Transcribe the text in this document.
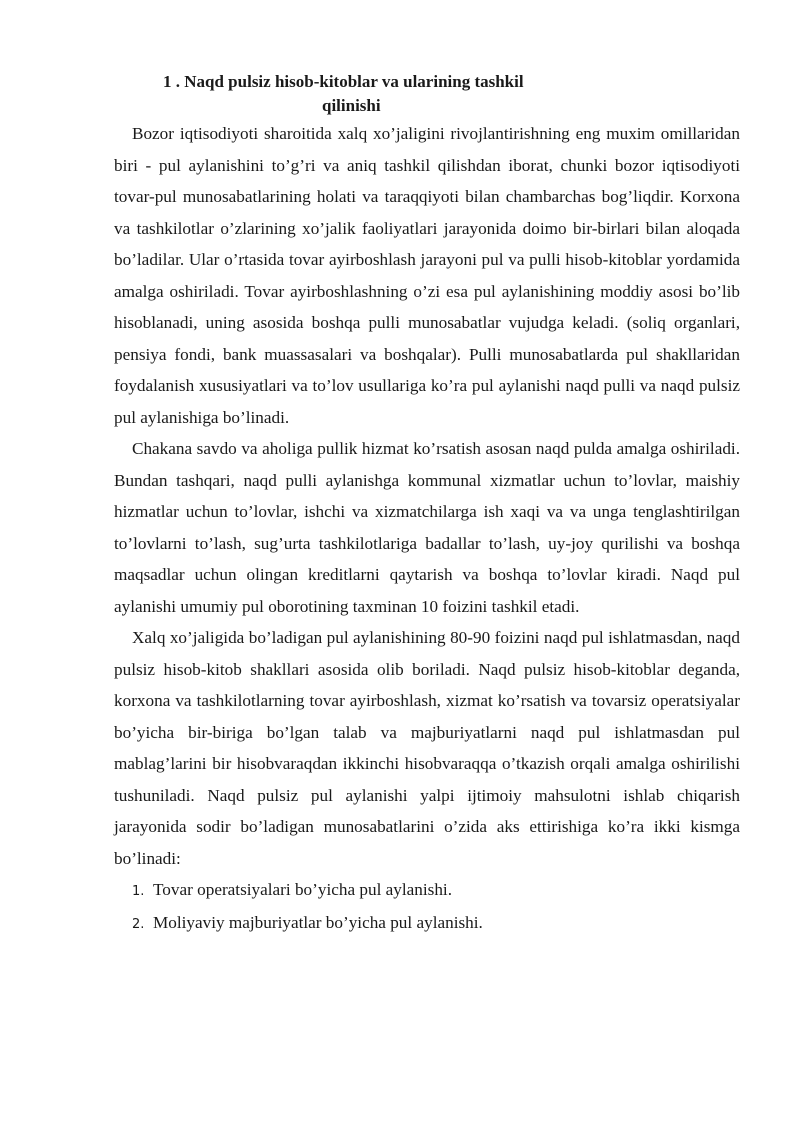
1 . Naqd pulsiz hisob-kitoblar va ularining tashkil
qilinishi

Bozor iqtisodiyoti sharoitida xalq xo’jaligini rivojlantirishning eng muxim omillaridan biri - pul aylanishini to’g’ri va aniq tashkil qilishdan iborat, chunki bozor iqtisodiyoti tovar-pul munosabatlarining holati va taraqqiyoti bilan chambarchas bog’liqdir. Korxona va tashkilotlar o’zlarining xo’jalik faoliyatlari jarayonida doimo bir-birlari bilan aloqada bo’ladilar. Ular o’rtasida tovar ayirboshlash jarayoni pul va pulli hisob-kitoblar yordamida amalga oshiriladi. Tovar ayirboshlashning o’zi esa pul aylanishining moddiy asosi bo’lib hisoblanadi, uning asosida boshqa pulli munosabatlar vujudga keladi. (soliq organlari, pensiya fondi, bank muassasalari va boshqalar). Pulli munosabatlarda pul shakllaridan foydalanish xususiyatlari va to’lov usullariga ko’ra pul aylanishi naqd pulli va naqd pulsiz pul aylanishiga bo’linadi.

Chakana savdo va aholiga pullik hizmat ko’rsatish asosan naqd pulda amalga oshiriladi. Bundan tashqari, naqd pulli aylanishga kommunal xizmatlar uchun to’lovlar, maishiy hizmatlar uchun to’lovlar, ishchi va xizmatchilarga ish xaqi va va unga tenglashtirilgan to’lovlarni to’lash, sug’urta tashkilotlariga badallar to’lash, uy-joy qurilishi va boshqa maqsadlar uchun olingan kreditlarni qaytarish va boshqa to’lovlar kiradi. Naqd pul aylanishi umumiy pul oborotining taxminan 10 foizini tashkil etadi.

Xalq xo’jaligida bo’ladigan pul aylanishining 80-90 foizini naqd pul ishlatmasdan, naqd pulsiz hisob-kitob shakllari asosida olib boriladi. Naqd pulsiz hisob-kitoblar deganda, korxona va tashkilotlarning tovar ayirboshlash, xizmat ko’rsatish va tovarsiz operatsiyalar bo’yicha bir-biriga bo’lgan talab va majburiyatlarni naqd pul ishlatmasdan pul mablag’larini bir hisobvaraqdan ikkinchi hisobvaraqqa o’tkazish orqali amalga oshirilishi tushuniladi. Naqd pulsiz pul aylanishi yalpi ijtimoiy mahsulotni ishlab chiqarish jarayonida sodir bo’ladigan munosabatlarini o’zida aks ettirishiga ko’ra ikki kismga bo’linadi:

1. Tovar operatsiyalari bo’yicha pul aylanishi.
2. Moliyaviy majburiyatlar bo’yicha pul aylanishi.
